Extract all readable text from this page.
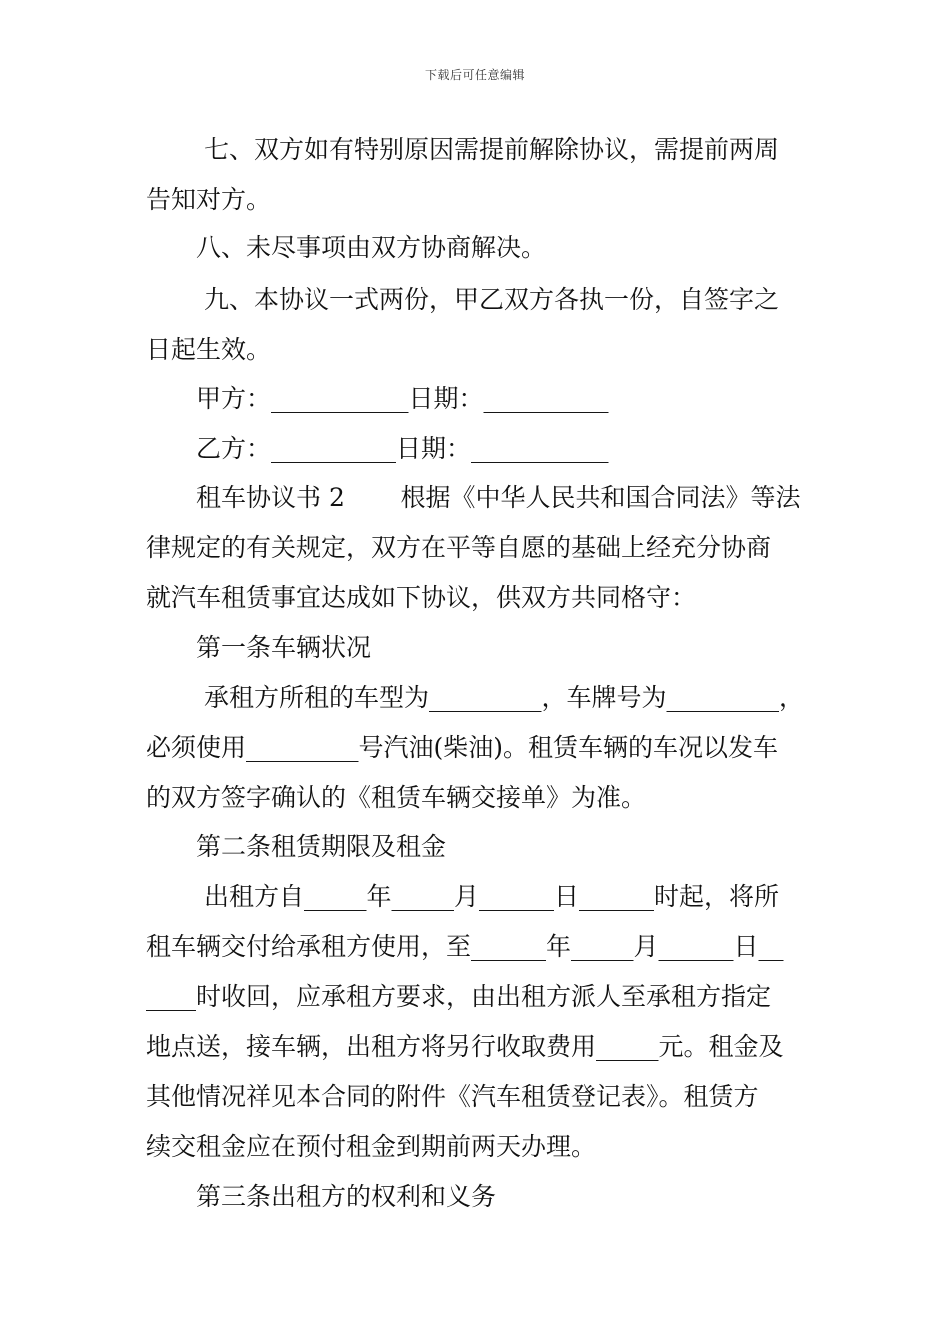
下载后可任意编辑
七、双方如有特别原因需提前解除协议，需提前两周
告知对方。
八、未尽事项由双方协商解决。
九、本协议一式两份，甲乙双方各执一份，自签字之
日起生效。
甲方：___________日期：__________
乙方：__________日期：___________
租车协议书 2       根据《中华人民共和国合同法》等法
律规定的有关规定，双方在平等自愿的基础上经充分协商
就汽车租赁事宜达成如下协议，供双方共同格守：
第一条车辆状况
承租方所租的车型为_________，车牌号为_________，
必须使用_________号汽油(柴油)。租赁车辆的车况以发车
的双方签字确认的《租赁车辆交接单》为准。
第二条租赁期限及租金
出租方自_____年_____月______日______时起，将所
租车辆交付给承租方使用，至______年_____月______日__
____时收回，应承租方要求，由出租方派人至承租方指定
地点送，接车辆，出租方将另行收取费用_____元。租金及
其他情况祥见本合同的附件《汽车租赁登记表》。租赁方
续交租金应在预付租金到期前两天办理。
第三条出租方的权利和义务
